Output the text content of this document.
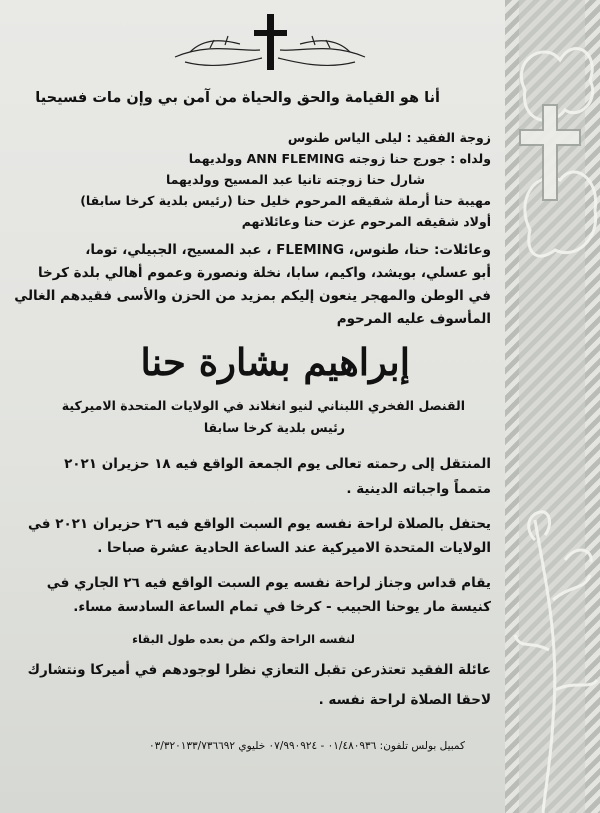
أنا هو القيامة والحق والحياة من آمن بي وإن مات فسيحيا
زوجة الفقيد : ليلى الياس طنوس
ولداه : جورج حنا زوجته ANN FLEMING وولديهما
شارل حنا زوجته تانيا عبد المسيح وولديهما
مهيبة حنا أرملة شقيقه المرحوم خليل حنا (رئيس بلدية كرخا سابقا)
أولاد شقيقه المرحوم عزت حنا وعائلاتهم
وعائلات: حنا، طنوس، FLEMING ، عبد المسيح، الجبيلي، توما،
أبو عسلي، بويشد، واكيم، سابا، نخلة ونصورة وعموم أهالي بلدة كرخا
في الوطن والمهجر ينعون إليكم بمزيد من الحزن والأسى فقيدهم الغالي
المأسوف عليه المرحوم
إبراهيم بشارة حنا
القنصل الفخري اللبناني لنيو انغلاند في الولايات المتحدة الاميركية
رئيس بلدية كرخا سابقا
المنتقل إلى رحمته تعالى يوم الجمعة الواقع فيه ١٨ حزيران ٢٠٢١
متمماً واجباته الدينية .
يحتفل بالصلاة لراحة نفسه يوم السبت الواقع فيه ٢٦ حزيران ٢٠٢١ في
الولايات المتحدة الاميركية عند الساعة الحادية عشرة صباحا .
يقام قداس وجناز لراحة نفسه يوم السبت الواقع فيه ٢٦ الجاري في
كنيسة مار يوحنا الحبيب - كرخا في تمام الساعة السادسة مساء.
لنفسه الراحة ولكم من بعده طول البقاء
عائلة الفقيد تعتذرعن تقبل التعازي نظرا لوجودهم في أميركا ونتشارك
لاحقا الصلاة لراحة نفسه .
كمبيل بولس تلفون: ٠١/٤٨٠٩٣٦ - ٠٧/٩٩٠٩٢٤ خليوي ٠٣/٣٢٠١٣٣/٧٣٦٦٩٢
